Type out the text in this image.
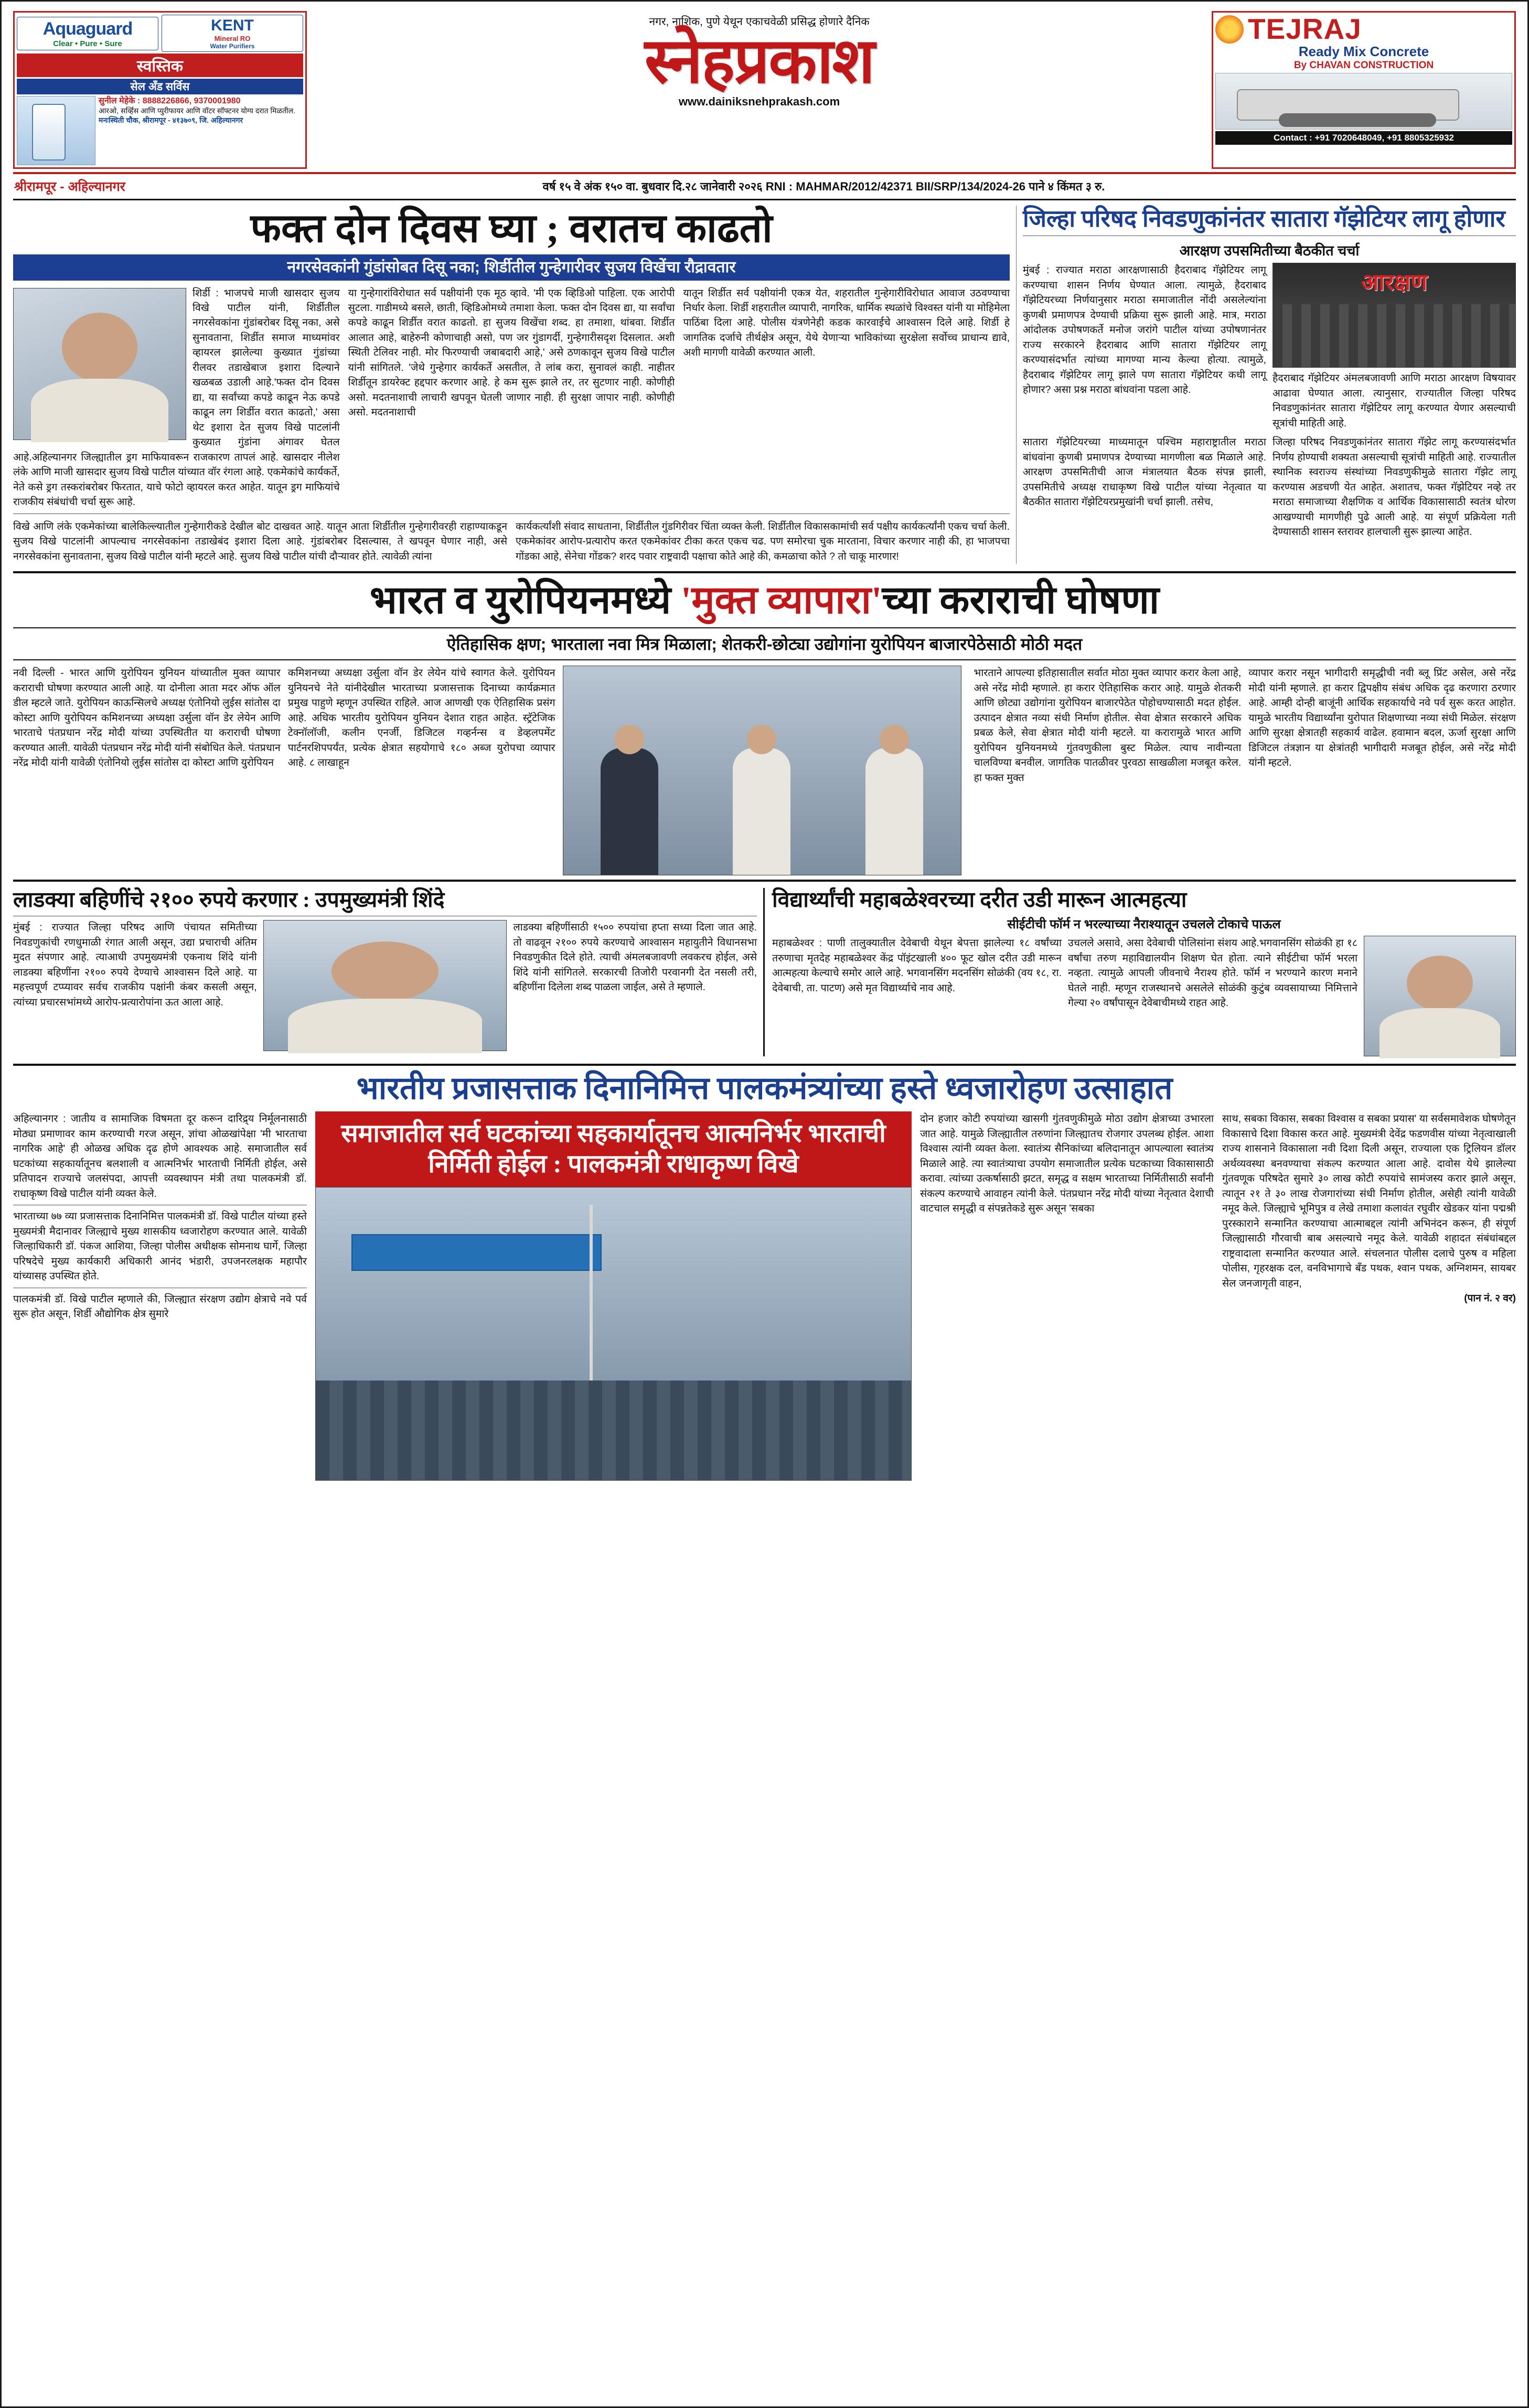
Aquaguard
Clear • Pure • Sure
KENT
Mineral RO
Water Purifiers
स्वस्तिक
सेल अँड सर्विस
सुनील मेहेके : 8888226866, 9370001980
आरओ, सर्व्हिस आणि प्युरीफायर आणि वॉटर सॉफ्टनर योग्य दरात मिळतील.
मनःस्थिती चौक, श्रीरामपूर - ४१३७०९, जि. अहिल्यानगर
नगर, नाशिक, पुणे येथून एकाचवेळी प्रसिद्ध होणारे दैनिक
स्नेहप्रकाश
www.dainiksnehprakash.com
TEJRAJ
Ready Mix Concrete
By CHAVAN CONSTRUCTION
Contact : +91 7020648049, +91 8805325932
श्रीरामपूर - अहिल्यानगर	वर्ष १५ वे अंक १५० वा. बुधवार दि.२८ जानेवारी २०२६ RNI : MAHMAR/2012/42371 BII/SRP/134/2024-26 पाने ४ किंमत ३ रु.
फक्त दोन दिवस घ्या ; वरातच काढतो
नगरसेवकांनी गुंडांसोबत दिसू नका; शिर्डीतील गुन्हेगारीवर सुजय विखेंचा रौद्रावतार
शिर्डी : भाजपचे माजी खासदार सुजय विखे पाटील यांनी, शिर्डीतील नगरसेवकांना गुंडांबरोबर दिसू नका, असे सुनावताना, शिर्डीत समाज माध्यमांवर व्हायरल झालेल्या कुख्यात गुंडांच्या रीलवर तडाखेबाज इशारा दिल्याने खळबळ उडाली आहे.'फक्त दोन दिवस द्या, या सर्वांच्या कपडे काढून नेऊ कपडे काढून लग शिर्डीत वरात काढतो,' असा थेट इशारा देत सुजय विखे पाटलांनी कुख्यात गुंडांना अंगावर घेतल आहे.अहिल्यानगर जिल्ह्यातील ड्रग माफियावरून राजकारण तापलं आहे. खासदार नीलेश लंके आणि माजी खासदार सुजय विखे पाटील यांच्यात वॉर रंगला आहे. एकमेकांचे कार्यकर्ते, नेते कसे ड्रग तस्करांबरोबर फिरतात, याचे फोटो व्हायरल करत आहेत. यातून ड्रग माफियांचे राजकीय संबंधांची चर्चा सुरू आहे.
या गुन्हेगारांविरोधात सर्व पक्षीयांनी एक मूठ व्हावे. 'मी एक व्हिडिओ पाहिला. एक आरोपी सुटला. गाडीमध्ये बसले, छाती, व्हिडिओमध्ये तमाशा केला. फक्त दोन दिवस द्या, या सर्वांचा कपडे काढून शिर्डीत वरात काढतो. हा सुजय विखेंचा शब्द. हा तमाशा, थांबवा. शिर्डीत आलात आहे, बाहेरुनी कोणाचाही असो, पण जर गुंडागर्दी, गुन्हेगारीसदृश दिसलात. अशी स्थिती टेलिवर नाही. मोर फिरण्याची जबाबदारी आहे,' असे ठणकावून सुजय विखे पाटील यांनी सांगितले. 'जेथे गुन्हेगार कार्यकर्ते असतील, ते लांब करा, सुनावलं काही. नाहीतर शिर्डीतून डायरेक्ट हद्दपार करणार आहे. हे कम सुरू झाले तर, तर सुटणार नाही. कोणीही असो. मदतनाशाची लाचारी खपवून घेतली जाणार नाही. ही सुरक्षा जापार नाही. कोणीही असो. मदतनाशाची
यातून शिर्डीत सर्व पक्षीयांनी एकत्र येत, शहरातील गुन्हेगारीविरोधात आवाज उठवण्याचा निर्धार केला. शिर्डी शहरातील व्यापारी, नागरिक, धार्मिक स्थळांचे विश्वस्त यांनी या मोहिमेला पाठिंबा दिला आहे. पोलीस यंत्रणेनेही कडक कारवाईचे आश्वासन दिले आहे. शिर्डी हे जागतिक दर्जाचे तीर्थक्षेत्र असून, येथे येणाऱ्या भाविकांच्या सुरक्षेला सर्वोच्च प्राधान्य द्यावे, अशी मागणी यावेळी करण्यात आली.
विखे आणि लंके एकमेकांच्या बालेकिल्ल्यातील गुन्हेगारीकडे देखील बोट दाखवत आहे. यातून आता शिर्डीतील गुन्हेगारीवरही राहाण्याकडून सुजय विखे पाटलांनी आपल्याच नगरसेवकांना तडाखेबंद इशारा दिला आहे. गुंडांबरोबर दिसल्यास, ते खपवून घेणार नाही, असे नगरसेवकांना सुनावताना, सुजय विखे पाटील यांनी म्हटले आहे. सुजय विखे पाटील यांची दौऱ्यावर होते. त्यावेळी त्यांना
कार्यकर्त्यांशी संवाद साधताना, शिर्डीतील गुंडगिरीवर चिंता व्यक्त केली. शिर्डीतील विकासकामांची सर्व पक्षीय कार्यकर्त्यांनी एकच चर्चा केली. एकमेकांवर आरोप-प्रत्यारोप करत एकमेकांवर टीका करत एकच चढ. पण समोरचा चुक मारताना, विचार करणार नाही की, हा भाजपचा गोंडका आहे, सेनेचा गोंडक? शरद पवार राष्ट्रवादी पक्षाचा कोते आहे की, कमळाचा कोते ? तो चाकू मारणार!
जिल्हा परिषद निवडणुकांनंतर सातारा गॅझेटियर लागू होणार
आरक्षण उपसमितीच्या बैठकीत चर्चा
मुंबई : राज्यात मराठा आरक्षणासाठी हैदराबाद गॅझेटियर लागू करण्याचा शासन निर्णय घेण्यात आला. त्यामुळे, हैदराबाद गॅझेटियरच्या निर्णयानुसार मराठा समाजातील नोंदी असलेल्यांना कुणबी प्रमाणपत्र देण्याची प्रक्रिया सुरू झाली आहे. मात्र, मराठा आंदोलक उपोषणकर्ते मनोज जरांगे पाटील यांच्या उपोषणानंतर राज्य सरकारने हैदराबाद आणि सातारा गॅझेटियर लागू करण्यासंदर्भात त्यांच्या मागण्या मान्य केल्या होत्या. त्यामुळे, हैदराबाद गॅझेटियर लागू झाले पण सातारा गॅझेटियर कधी लागू होणार? असा प्रश्न मराठा बांधवांना पडला आहे.
आरक्षण
हैदराबाद गॅझेटियर अंमलबजावणी आणि मराठा आरक्षण विषयावर आढावा घेण्यात आला. त्यानुसार, राज्यातील जिल्हा परिषद निवडणुकांनंतर सातारा गॅझेटियर लागू करण्यात येणार असल्याची सूत्रांची माहिती आहे.
सातारा गॅझेटियरच्या माध्यमातून पश्चिम महाराष्ट्रातील मराठा बांधवांना कुणबी प्रमाणपत्र देण्याच्या मागणीला बळ मिळाले आहे. आरक्षण उपसमितीची आज मंत्रालयात बैठक संपन्न झाली, उपसमितीचे अध्यक्ष राधाकृष्ण विखे पाटील यांच्या नेतृत्वात या बैठकीत सातारा गॅझेटियरप्रमुखांनी चर्चा झाली. तसेच,
जिल्हा परिषद निवडणुकांनंतर सातारा गॅझेट लागू करण्यासंदर्भात निर्णय होण्याची शक्यता असल्याची सूत्रांची माहिती आहे. राज्यातील स्थानिक स्वराज्य संस्थांच्या निवडणुकीमुळे सातारा गॅझेट लागू करण्यास अडचणी येत आहेत. अशातच, फक्त गॅझेटियर नव्हे तर मराठा समाजाच्या शैक्षणिक व आर्थिक विकासासाठी स्वतंत्र धोरण आखण्याची मागणीही पुढे आली आहे. या संपूर्ण प्रक्रियेला गती देण्यासाठी शासन स्तरावर हालचाली सुरू झाल्या आहेत.
भारत व युरोपियनमध्ये 'मुक्त व्यापारा'च्या कराराची घोषणा
ऐतिहासिक क्षण; भारताला नवा मित्र मिळाला; शेतकरी-छोट्या उद्योगांना युरोपियन बाजारपेठेसाठी मोठी मदत
नवी दिल्ली - भारत आणि युरोपियन युनियन यांच्यातील मुक्त व्यापार कराराची घोषणा करण्यात आली आहे. या दोनीला आता मदर ऑफ ऑल डील म्हटले जाते. युरोपियन काऊन्सिलचे अध्यक्ष एंतोनियो लुईस सांतोस दा कोस्टा आणि युरोपियन कमिशनच्या अध्यक्षा उर्सुला वॉन डेर लेयेन आणि भारताचे पंतप्रधान नरेंद्र मोदी यांच्या उपस्थितीत या कराराची घोषणा करण्यात आली. यावेळी पंतप्रधान नरेंद्र मोदी यांनी संबोधित केले. पंतप्रधान नरेंद्र मोदी यांनी यावेळी एंतोनियो लुईस सांतोस दा कोस्टा आणि युरोपियन
कमिशनच्या अध्यक्षा उर्सुला वॉन डेर लेयेन यांचे स्वागत केले. युरोपियन युनियनचे नेते यांनीदेखील भारताच्या प्रजासत्ताक दिनाच्या कार्यक्रमात प्रमुख पाहुणे म्हणून उपस्थित राहिले. आज आणखी एक ऐतिहासिक प्रसंग आहे. अधिक भारतीय युरोपियन युनियन देशात राहत आहेत. स्ट्रॅटेजिक टेक्नॉलॉजी, कलीन एनर्जी, डिजिटल गव्हर्नन्स व डेव्हलपमेंट पार्टनरशिपपर्यंत, प्रत्येक क्षेत्रात सहयोगाचे १८० अब्ज युरोपचा व्यापार आहे. ८ लाखाहून
भारताने आपल्या इतिहासातील सर्वात मोठा मुक्त व्यापार करार केला आहे, असे नरेंद्र मोदी म्हणाले. हा करार ऐतिहासिक करार आहे. यामुळे शेतकरी आणि छोट्या उद्योगांना युरोपियन बाजारपेठेत पोहोचण्यासाठी मदत होईल. उत्पादन क्षेत्रात नव्या संधी निर्माण होतील. सेवा क्षेत्रात सरकारने अधिक प्रबळ केले, सेवा क्षेत्रात मोदी यांनी म्हटले. या करारामुळे भारत आणि युरोपियन युनियनमध्ये गुंतवणुकीला बुस्ट मिळेल. त्याच नावीन्यता चालविण्या बनवील. जागतिक पातळीवर पुरवठा साखळीला मजबूत करेल. हा फक्त मुक्त
व्यापार करार नसून भागीदारी समृद्धीची नवी ब्लू प्रिंट असेल, असे नरेंद्र मोदी यांनी म्हणाले. हा करार द्विपक्षीय संबंध अधिक दृढ करणारा ठरणार आहे. आम्ही दोन्ही बाजूंनी आर्थिक सहकार्याचे नवे पर्व सुरू करत आहोत. यामुळे भारतीय विद्यार्थ्यांना युरोपात शिक्षणाच्या नव्या संधी मिळेल. संरक्षण आणि सुरक्षा क्षेत्रातही सहकार्य वाढेल. हवामान बदल, ऊर्जा सुरक्षा आणि डिजिटल तंत्रज्ञान या क्षेत्रांतही भागीदारी मजबूत होईल, असे नरेंद्र मोदी यांनी म्हटले.
लाडक्या बहिणींचे २१०० रुपये करणार : उपमुख्यमंत्री शिंदे
मुंबई : राज्यात जिल्हा परिषद आणि पंचायत समितीच्या निवडणुकांची रणधुमाळी रंगात आली असून, उद्या प्रचाराची अंतिम मुदत संपणार आहे. त्याआधी उपमुख्यमंत्री एकनाथ शिंदे यांनी लाडक्या बहिणींना २१०० रुपये देण्याचे आश्वासन दिले आहे. या महत्त्वपूर्ण टप्प्यावर सर्वच राजकीय पक्षांनी कंबर कसली असून, त्यांच्या प्रचारसभांमध्ये आरोप-प्रत्यारोपांना ऊत आला आहे.
लाडक्या बहिणींसाठी १५०० रुपयांचा हप्ता सध्या दिला जात आहे. तो वाढवून २१०० रुपये करण्याचे आश्वासन महायुतीने विधानसभा निवडणुकीत दिले होते. त्याची अंमलबजावणी लवकरच होईल, असे शिंदे यांनी सांगितले. सरकारची तिजोरी परवानगी देत नसली तरी, बहिणींना दिलेला शब्द पाळला जाईल, असे ते म्हणाले.
विद्यार्थ्यांची महाबळेश्वरच्या दरीत उडी मारून आत्महत्या
सीईटीची फॉर्म न भरल्याच्या नैराश्यातून उचलले टोकाचे पाऊल
महाबळेश्वर : पाणी तालुक्यातील देवेबाची येथून बेपत्ता झालेल्या १८ वर्षांच्या तरुणाचा मृतदेह महाबळेश्वर केंद्र पॉइंटखाली ४०० फूट खोल दरीत उडी मारून आत्महत्या केल्याचे समोर आले आहे. भगवानसिंग मदनसिंग सोळंकी (वय १८, रा. देवेबाची, ता. पाटण) असे मृत विद्यार्थ्याचे नाव आहे.
उचलले असावे, असा देवेबाची पोलिसांना संशय आहे.भगवानसिंग सोळंकी हा १८ वर्षांचा तरुण महाविद्यालयीन शिक्षण घेत होता. त्याने सीईटीचा फॉर्म भरला नव्हता. त्यामुळे आपली जीवनाचे नैराश्य होते. फॉर्म न भरण्याने कारण मनाने घेतले नाही. म्हणून राजस्थानचे असलेले सोळंकी कुटुंब व्यवसायाच्या निमित्ताने गेल्या २० वर्षांपासून देवेबाचीमध्ये राहत आहे.
भारतीय प्रजासत्ताक दिनानिमित्त पालकमंत्र्यांच्या हस्ते ध्वजारोहण उत्साहात
अहिल्यानगर : जातीय व सामाजिक विषमता दूर करून दारिद्र्य निर्मूलनासाठी मोठ्या प्रमाणावर काम करण्याची गरज असून, ज्ञांचा ओळखांपेक्षा 'मी भारताचा नागरिक आहे' ही ओळख अधिक दृढ होणे आवश्यक आहे. समाजातील सर्व घटकांच्या सहकार्यातूनच बलशाली व आत्मनिर्भर भारताची निर्मिती होईल, असे प्रतिपादन राज्याचे जलसंपदा, आपत्ती व्यवस्थापन मंत्री तथा पालकमंत्री डॉ. राधाकृष्ण विखे पाटील यांनी व्यक्त केले.
भारताच्या ७७ व्या प्रजासत्ताक दिनानिमित्त पालकमंत्री डॉ. विखे पाटील यांच्या हस्ते मुख्यमंत्री मैदानावर जिल्ह्याचे मुख्य शासकीय ध्वजारोहण करण्यात आले. यावेळी जिल्हाधिकारी डॉ. पंकज आशिया, जिल्हा पोलीस अधीक्षक सोमनाथ घार्गे, जिल्हा परिषदेचे मुख्य कार्यकारी अधिकारी आनंद भंडारी, उपजनरलक्षक महापौर यांच्यासह उपस्थित होते.
पालकमंत्री डॉ. विखे पाटील म्हणाले की, जिल्ह्यात संरक्षण उद्योग क्षेत्राचे नवे पर्व सुरू होत असून, शिर्डी औद्योगिक क्षेत्र सुमारे
समाजातील सर्व घटकांच्या सहकार्यातूनच आत्मनिर्भर भारताची निर्मिती होईल : पालकमंत्री राधाकृष्ण विखे
दोन हजार कोटी रुपयांच्या खासगी गुंतवणुकीमुळे मोठा उद्योग क्षेत्राच्या उभारला जात आहे. यामुळे जिल्ह्यातील तरुणांना जिल्ह्यातच रोजगार उपलब्ध होईल. आशा विश्वास त्यांनी व्यक्त केला. स्वातंत्र्य सैनिकांच्या बलिदानातून आपल्याला स्वातंत्र्य मिळाले आहे. त्या स्वातंत्र्याचा उपयोग समाजातील प्रत्येक घटकाच्या विकासासाठी करावा. त्यांच्या उत्कर्षासाठी झटत, समृद्ध व सक्षम भारताच्या निर्मितीसाठी सर्वांनी संकल्प करण्याचे आवाहन त्यांनी केले. पंतप्रधान नरेंद्र मोदी यांच्या नेतृत्वात देशाची वाटचाल समृद्धी व संपन्नतेकडे सुरू असून 'सबका
साथ, सबका विकास, सबका विश्वास व सबका प्रयास' या सर्वसमावेशक घोषणेतून विकासाचे दिशा विकास करत आहे. मुख्यमंत्री देवेंद्र फडणवीस यांच्या नेतृत्वाखाली राज्य शासनाने विकासाला नवी दिशा दिली असून, राज्याला एक ट्रिलियन डॉलर अर्थव्यवस्था बनवण्याचा संकल्प करण्यात आला आहे. दावोस येथे झालेल्या गुंतवणूक परिषदेत सुमारे ३० लाख कोटी रुपयांचे सामंजस्य करार झाले असून, त्यातून २१ ते ३० लाख रोजगारांच्या संधी निर्माण होतील, असेही त्यांनी यावेळी नमूद केले. जिल्ह्याचे भूमिपुत्र व लेखे तमाशा कलावंत रघुवीर खेडकर यांना पद्मश्री पुरस्काराने सन्मानित करण्याचा आत्माबद्दल त्यांनी अभिनंदन करून, ही संपूर्ण जिल्ह्यासाठी गौरवाची बाब असल्याचे नमूद केले. यावेळी शहादत संबंधांबद्दल राष्ट्रवादाला सन्मानित करण्यात आले. संचलनात पोलीस दलाचे पुरुष व महिला पोलीस, गृहरक्षक दल, वनविभागाचे बँड पथक, श्वान पथक, अग्निशमन, सायबर सेल जनजागृती वाहन,
(पान नं. २ वर)
